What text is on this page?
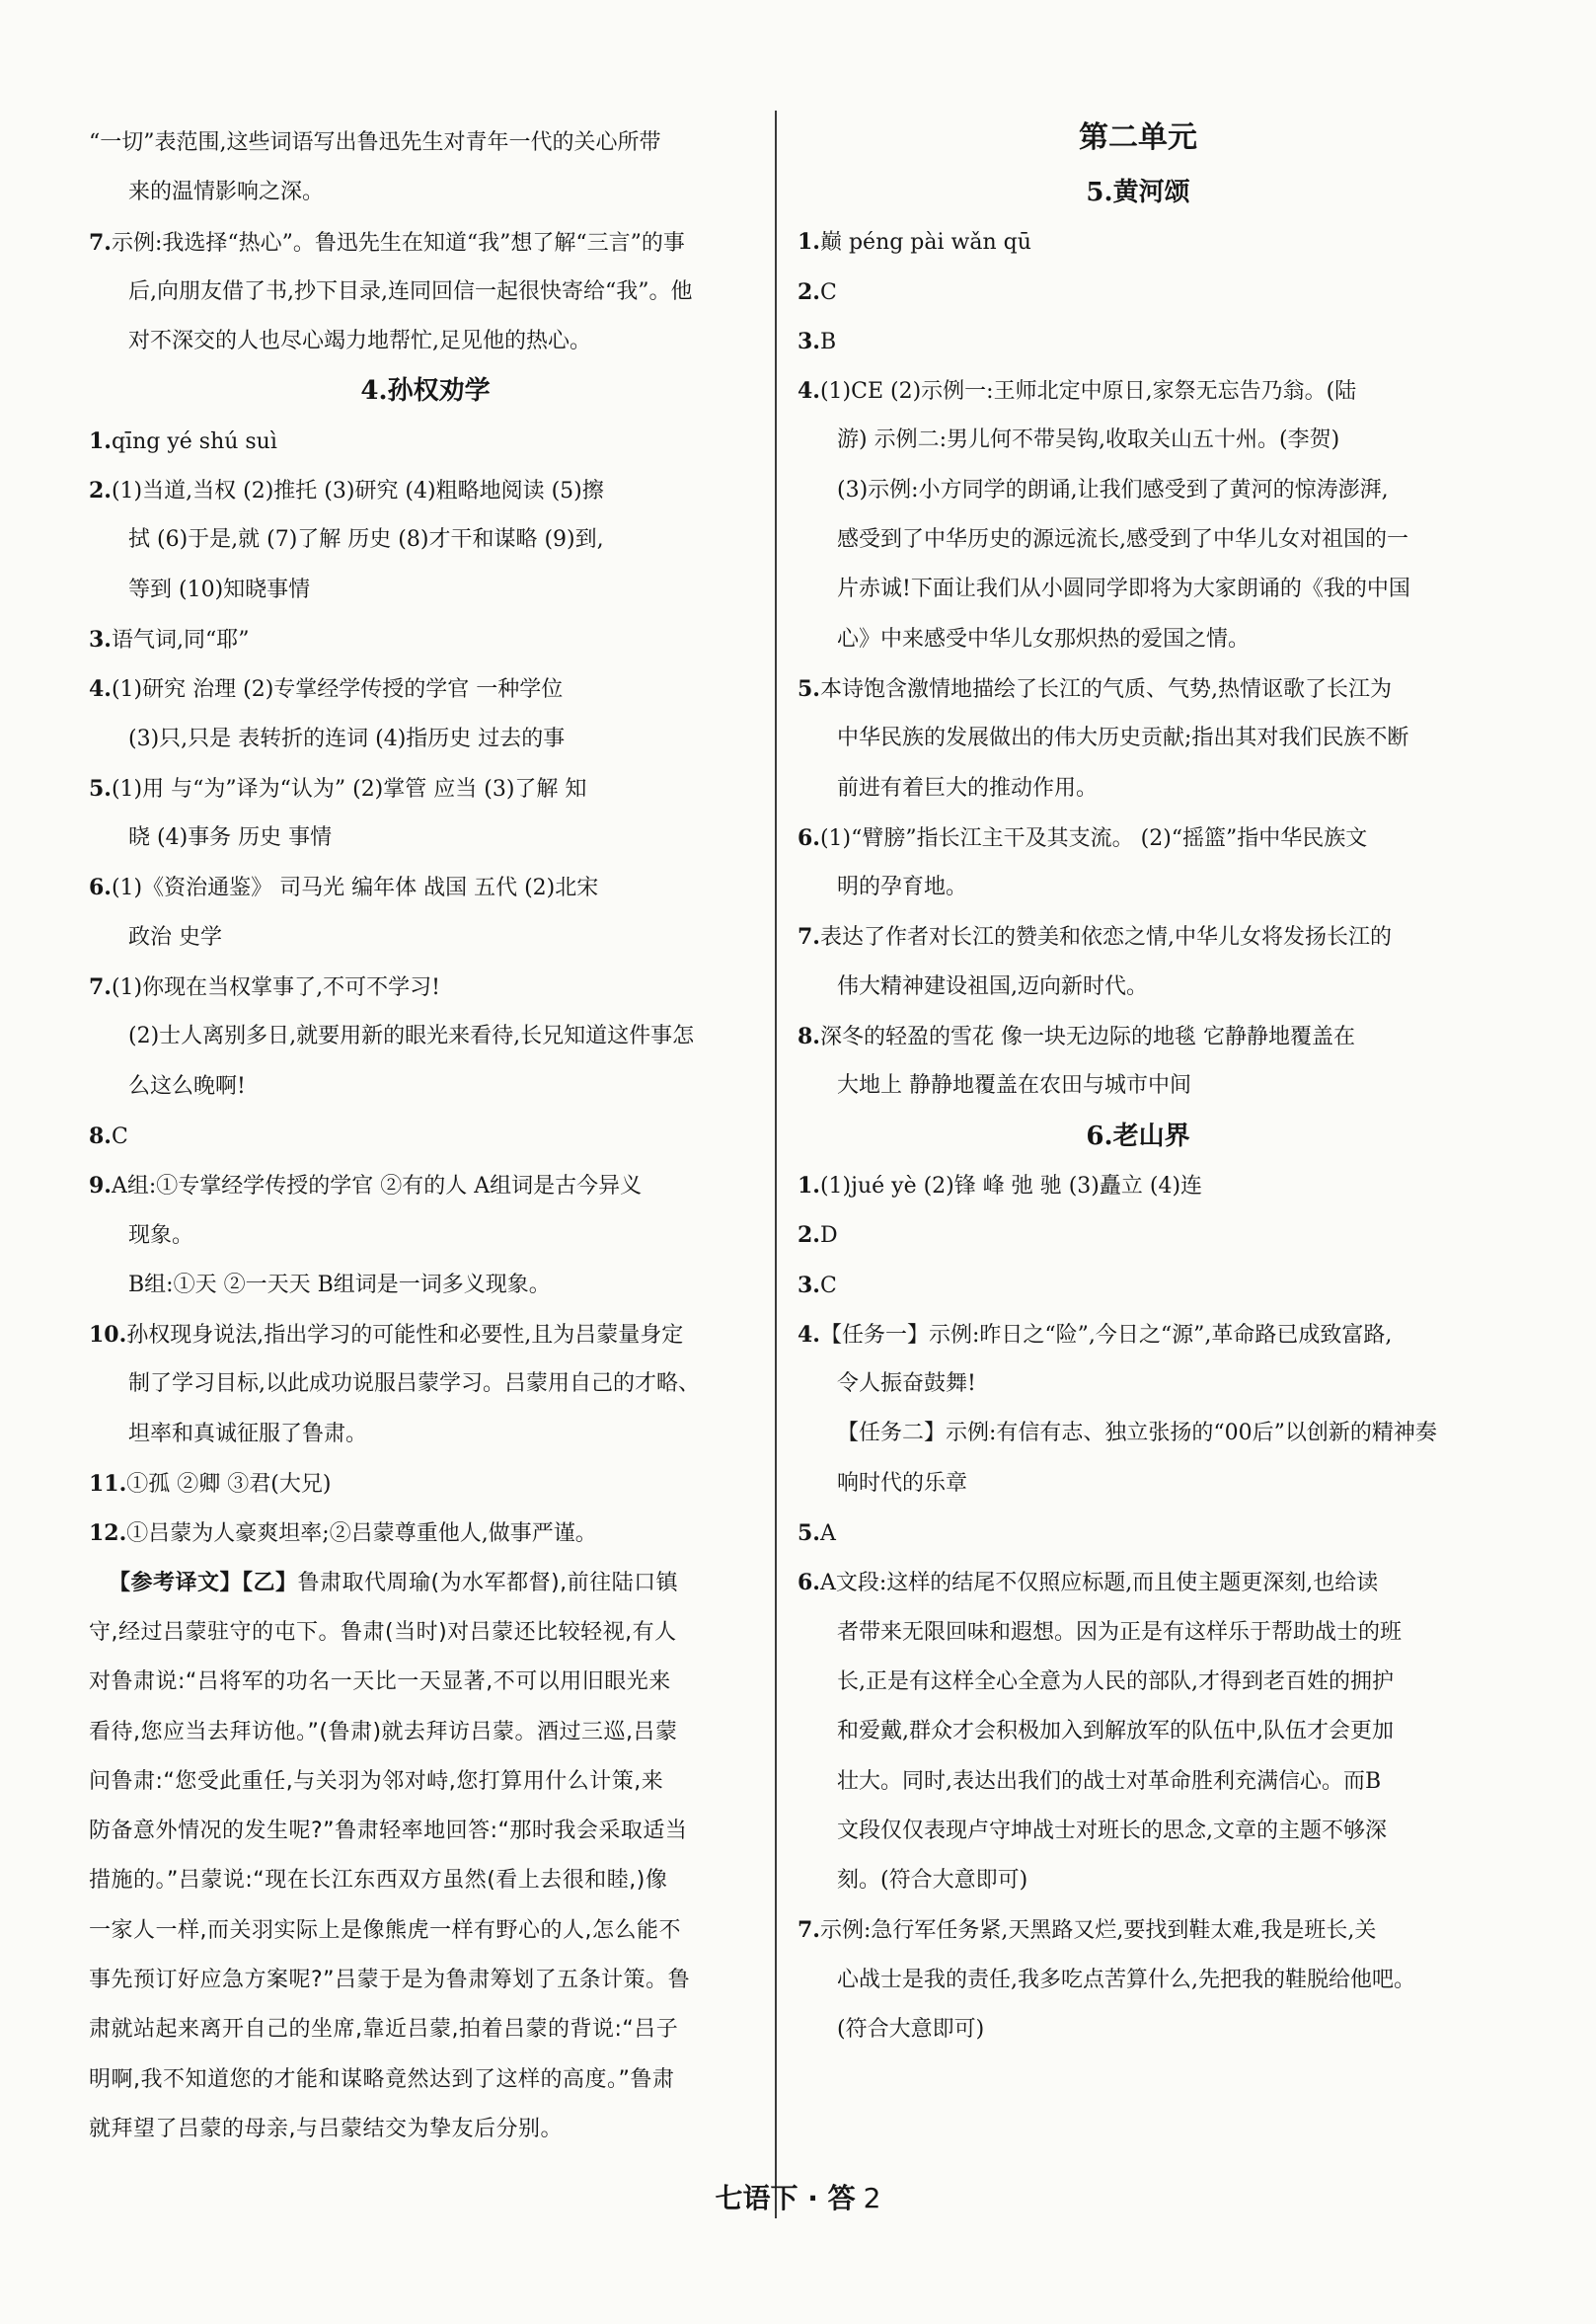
“一切”表范围,这些词语写出鲁迅先生对青年一代的关心所带
来的温情影响之深。
7.示例:我选择“热心”。鲁迅先生在知道“我”想了解“三言”的事
后,向朋友借了书,抄下目录,连同回信一起很快寄给“我”。他
对不深交的人也尽心竭力地帮忙,足见他的热心。
4.孙权劝学
1.qīng yé shú suì
2.(1)当道,当权 (2)推托 (3)研究 (4)粗略地阅读 (5)擦
拭 (6)于是,就 (7)了解 历史 (8)才干和谋略 (9)到,
等到 (10)知晓事情
3.语气词,同“耶”
4.(1)研究 治理 (2)专掌经学传授的学官 一种学位
(3)只,只是 表转折的连词 (4)指历史 过去的事
5.(1)用 与“为”译为“认为” (2)掌管 应当 (3)了解 知
晓 (4)事务 历史 事情
6.(1)《资治通鉴》 司马光 编年体 战国 五代 (2)北宋
政治 史学
7.(1)你现在当权掌事了,不可不学习!
(2)士人离别多日,就要用新的眼光来看待,长兄知道这件事怎
么这么晚啊!
8.C
9.A组:①专掌经学传授的学官 ②有的人 A组词是古今异义
现象。
B组:①天 ②一天天 B组词是一词多义现象。
10.孙权现身说法,指出学习的可能性和必要性,且为吕蒙量身定
制了学习目标,以此成功说服吕蒙学习。吕蒙用自己的才略、
坦率和真诚征服了鲁肃。
11.①孤 ②卿 ③君(大兄)
12.①吕蒙为人豪爽坦率;②吕蒙尊重他人,做事严谨。
【参考译文】【乙】鲁肃取代周瑜(为水军都督),前往陆口镇
守,经过吕蒙驻守的屯下。鲁肃(当时)对吕蒙还比较轻视,有人
对鲁肃说:“吕将军的功名一天比一天显著,不可以用旧眼光来
看待,您应当去拜访他。”(鲁肃)就去拜访吕蒙。酒过三巡,吕蒙
问鲁肃:“您受此重任,与关羽为邻对峙,您打算用什么计策,来
防备意外情况的发生呢?”鲁肃轻率地回答:“那时我会采取适当
措施的。”吕蒙说:“现在长江东西双方虽然(看上去很和睦,)像
一家人一样,而关羽实际上是像熊虎一样有野心的人,怎么能不
事先预订好应急方案呢?”吕蒙于是为鲁肃筹划了五条计策。鲁
肃就站起来离开自己的坐席,靠近吕蒙,拍着吕蒙的背说:“吕子
明啊,我不知道您的才能和谋略竟然达到了这样的高度。”鲁肃
就拜望了吕蒙的母亲,与吕蒙结交为挚友后分别。
第二单元
5.黄河颂
1.巅 péng pài wǎn qū
2.C
3.B
4.(1)CE (2)示例一:王师北定中原日,家祭无忘告乃翁。(陆
游) 示例二:男儿何不带吴钩,收取关山五十州。(李贺)
(3)示例:小方同学的朗诵,让我们感受到了黄河的惊涛澎湃,
感受到了中华历史的源远流长,感受到了中华儿女对祖国的一
片赤诚!下面让我们从小圆同学即将为大家朗诵的《我的中国
心》中来感受中华儿女那炽热的爱国之情。
5.本诗饱含激情地描绘了长江的气质、气势,热情讴歌了长江为
中华民族的发展做出的伟大历史贡献;指出其对我们民族不断
前进有着巨大的推动作用。
6.(1)“臂膀”指长江主干及其支流。 (2)“摇篮”指中华民族文
明的孕育地。
7.表达了作者对长江的赞美和依恋之情,中华儿女将发扬长江的
伟大精神建设祖国,迈向新时代。
8.深冬的轻盈的雪花 像一块无边际的地毯 它静静地覆盖在
大地上 静静地覆盖在农田与城市中间
6.老山界
1.(1)jué yè (2)锋 峰 弛 驰 (3)矗立 (4)连
2.D
3.C
4.【任务一】示例:昨日之“险”,今日之“源”,革命路已成致富路,
令人振奋鼓舞!
【任务二】示例:有信有志、独立张扬的“00后”以创新的精神奏
响时代的乐章
5.A
6.A文段:这样的结尾不仅照应标题,而且使主题更深刻,也给读
者带来无限回味和遐想。因为正是有这样乐于帮助战士的班
长,正是有这样全心全意为人民的部队,才得到老百姓的拥护
和爱戴,群众才会积极加入到解放军的队伍中,队伍才会更加
壮大。同时,表达出我们的战士对革命胜利充满信心。而B
文段仅仅表现卢守坤战士对班长的思念,文章的主题不够深
刻。(符合大意即可)
7.示例:急行军任务紧,天黑路又烂,要找到鞋太难,我是班长,关
心战士是我的责任,我多吃点苦算什么,先把我的鞋脱给他吧。
(符合大意即可)
七语下 · 答 2
